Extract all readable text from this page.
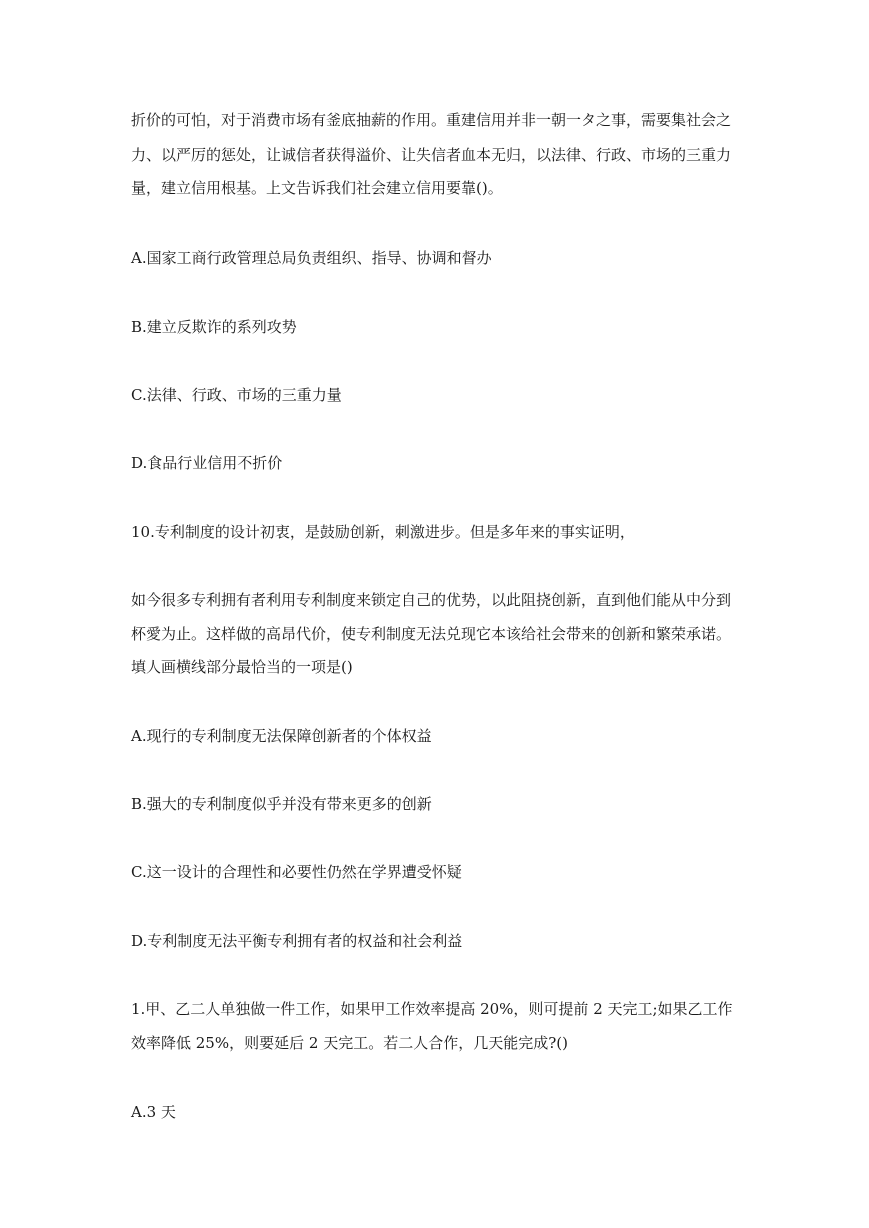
折价的可怕，对于消费市场有釜底抽薪的作用。重建信用并非一朝一タ之事，需要集社会之
力、以严厉的惩处，让诚信者获得溢价、让失信者血本无归，以法律、行政、市场的三重力
量，建立信用根基。上文告诉我们社会建立信用要靠()。
A.国家工商行政管理总局负责组织、指导、协调和督办
B.建立反欺诈的系列攻势
C.法律、行政、市场的三重力量
D.食品行业信用不折价
10.专利制度的设计初衷，是鼓励创新，刺激进步。但是多年来的事实证明，
如今很多专利拥有者利用专利制度来锁定自己的优势，以此阻挠创新，直到他们能从中分到
杯愛为止。这样做的高昂代价，使专利制度无法兑现它本该给社会带来的创新和繁荣承诺。
填人画横线部分最恰当的一项是()
A.现行的专利制度无法保障创新者的个体权益
B.强大的专利制度似乎并没有带来更多的创新
C.这一设计的合理性和必要性仍然在学界遭受怀疑
D.专利制度无法平衡专利拥有者的权益和社会利益
1.甲、乙二人单独做一件工作，如果甲工作效率提高 20%，则可提前 2 天完工;如果乙工作
效率降低 25%，则要延后 2 天完工。若二人合作，几天能完成?()
A.3 天
